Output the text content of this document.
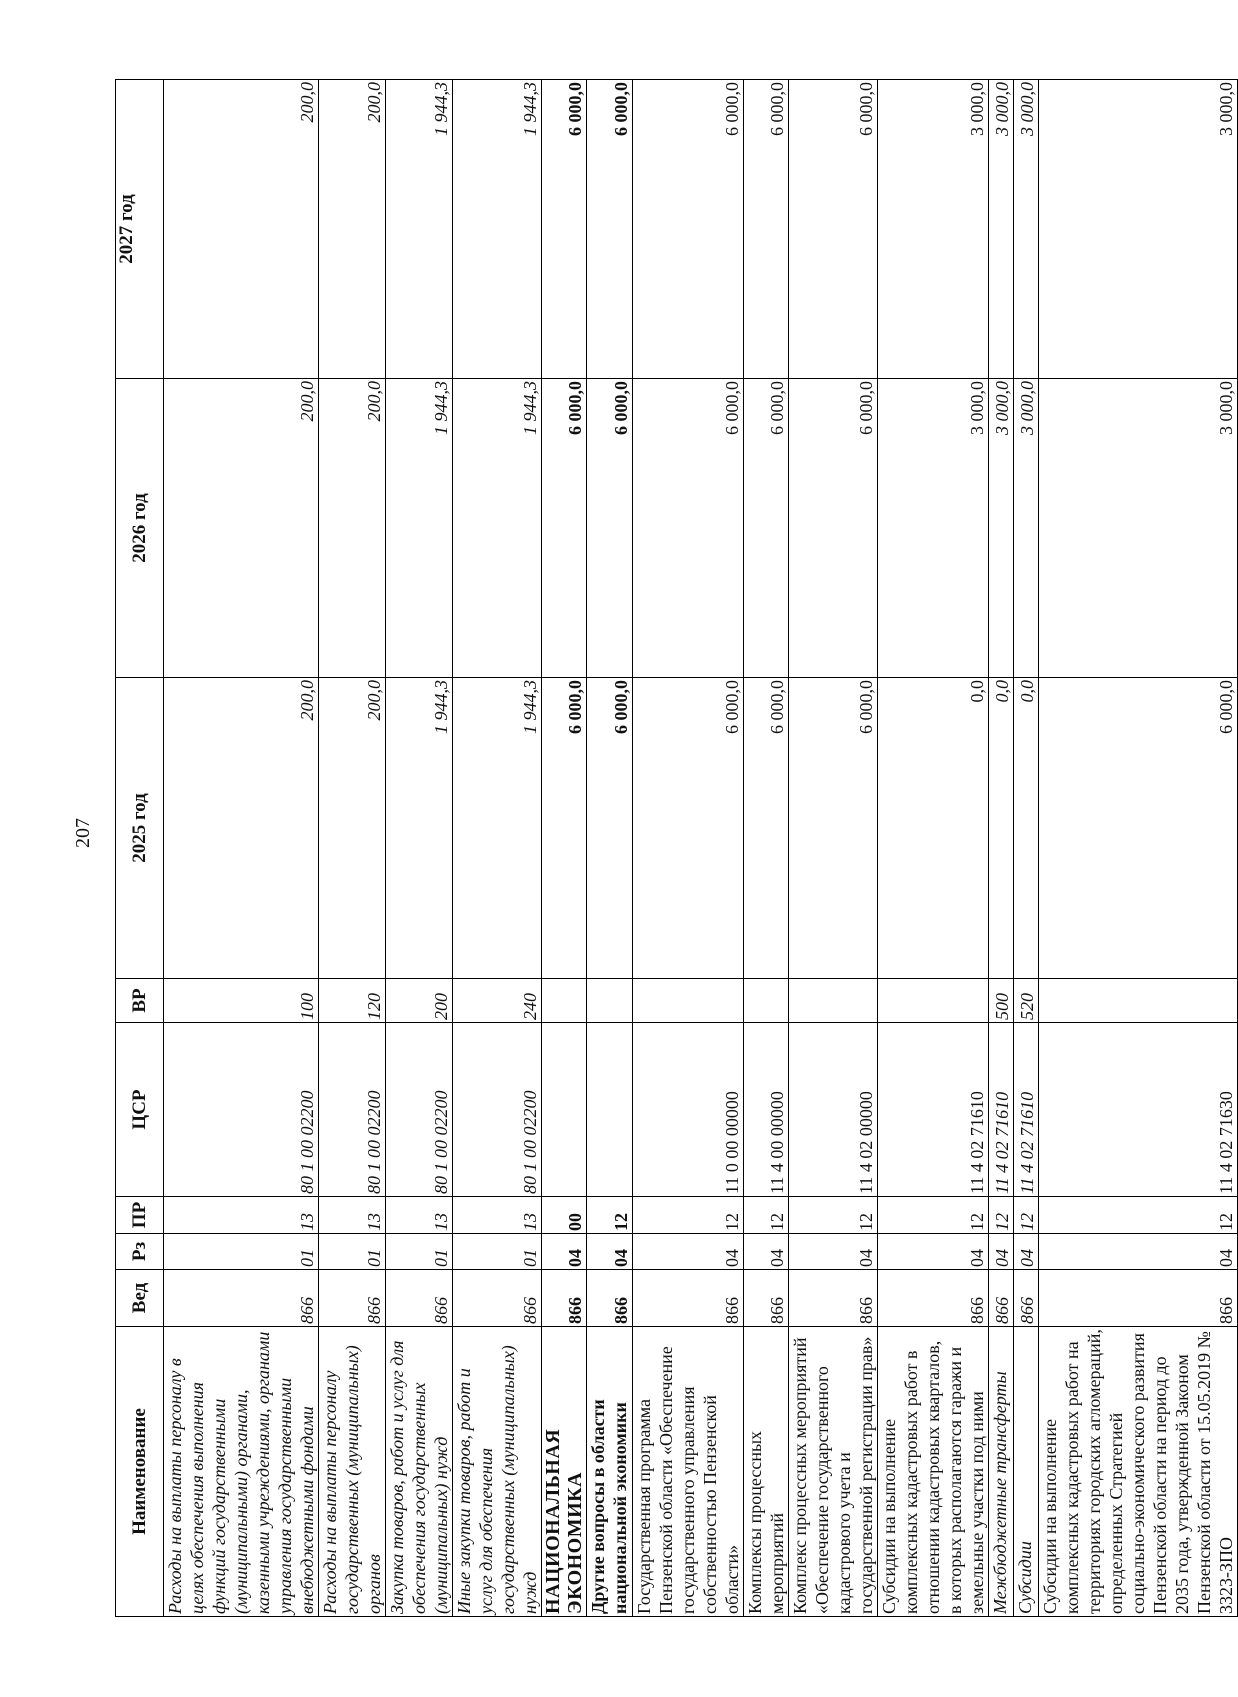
207
Наименование	Вед	Рз	ПР	ЦСР	ВР	2025 год	2026 год	2027 год
Расходы на выплаты персоналу в целях обеспечения выполнения функций государственными (муниципальными) органами, казенными учреждениями, органами управления государственными внебюджетными фондами	866	01	13	80 1 00 02200	100	200,0	200,0	200,0
Расходы на выплаты персоналу государственных (муниципальных) органов	866	01	13	80 1 00 02200	120	200,0	200,0	200,0
Закупка товаров, работ и услуг для обеспечения государственных (муниципальных) нужд	866	01	13	80 1 00 02200	200	1 944,3	1 944,3	1 944,3
Иные закупки товаров, работ и услуг для обеспечения государственных (муниципальных) нужд	866	01	13	80 1 00 02200	240	1 944,3	1 944,3	1 944,3
НАЦИОНАЛЬНАЯ ЭКОНОМИКА	866	04	00			6 000,0	6 000,0	6 000,0
Другие вопросы в области национальной экономики	866	04	12			6 000,0	6 000,0	6 000,0
Государственная программа Пензенской области «Обеспечение государственного управления собственностью Пензенской области»	866	04	12	11 0 00 00000		6 000,0	6 000,0	6 000,0
Комплексы процессных мероприятий	866	04	12	11 4 00 00000		6 000,0	6 000,0	6 000,0
Комплекс процессных мероприятий «Обеспечение государственного кадастрового учета и государственной регистрации прав»	866	04	12	11 4 02 00000		6 000,0	6 000,0	6 000,0
Субсидии на выполнение комплексных кадастровых работ в отношении кадастровых кварталов, в которых располагаются гаражи и земельные участки под ними	866	04	12	11 4 02 71610		0,0	3 000,0	3 000,0
Межбюджетные трансферты	866	04	12	11 4 02 71610	500	0,0	3 000,0	3 000,0
Субсидии	866	04	12	11 4 02 71610	520	0,0	3 000,0	3 000,0
Субсидии на выполнение комплексных кадастровых работ на территориях городских агломераций, определенных Стратегией социально-экономического развития Пензенской области на период до 2035 года, утвержденной Законом Пензенской области от 15.05.2019 № 3323-ЗПО	866	04	12	11 4 02 71630		6 000,0	3 000,0	3 000,0
